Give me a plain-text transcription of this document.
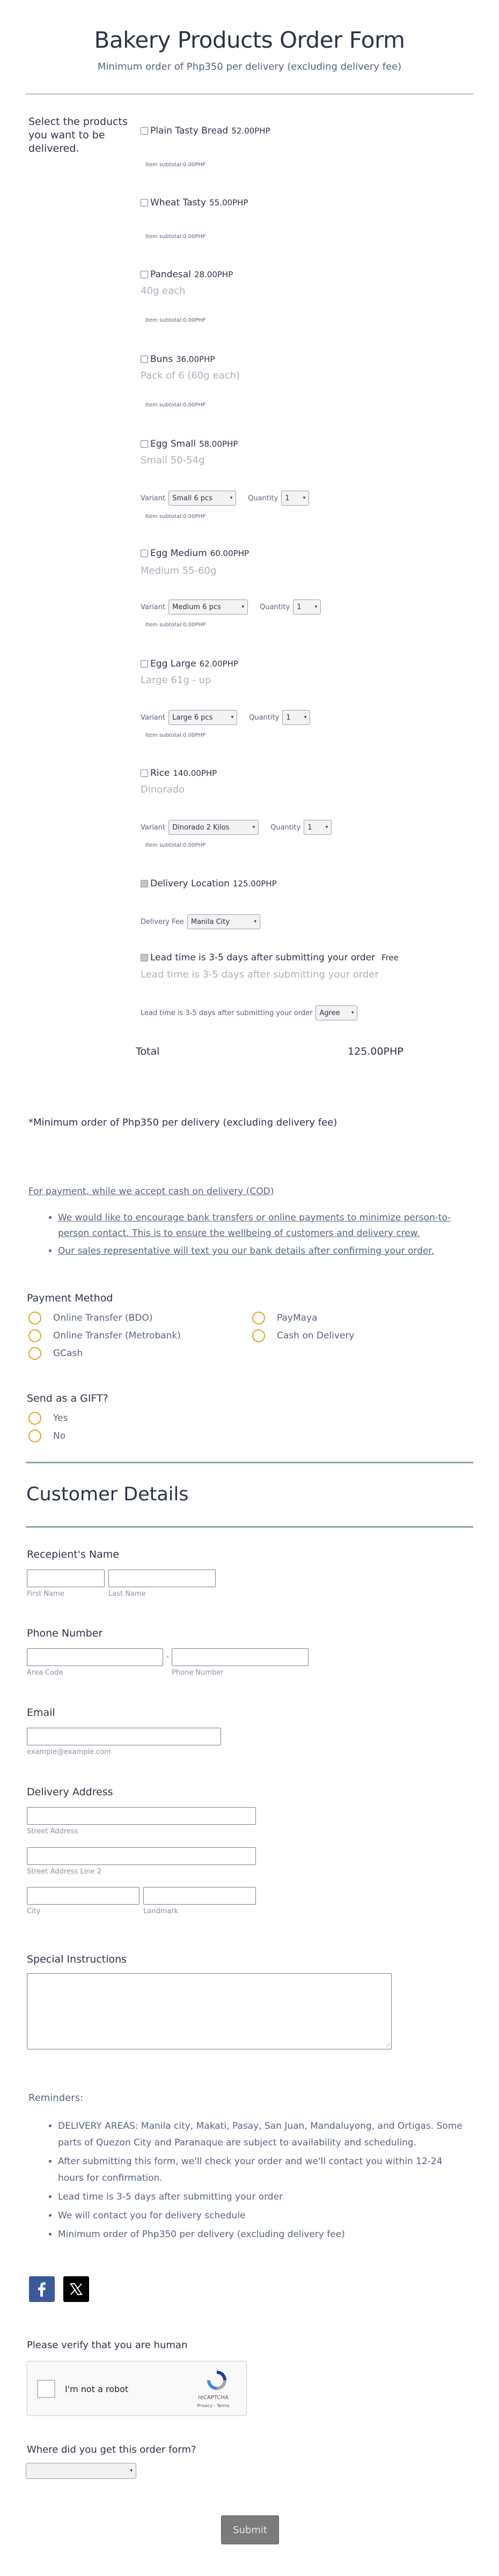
Bakery Products Order Form
Minimum order of Php350 per delivery (excluding delivery fee)
Select the products you want to be delivered.
Plain Tasty Bread 52.00PHP
Item subtotal:0.00PHP
Wheat Tasty 55.00PHP
Item subtotal:0.00PHP
Pandesal 28.00PHP
40g each
Item subtotal:0.00PHP
Buns 36.00PHP
Pack of 6 (60g each)
Item subtotal:0.00PHP
Egg Small 58.00PHP
Small 50-54g
Variant Small 6 pcs	▾ Quantity 1	▾
Item subtotal:0.00PHP
Egg Medium 60.00PHP
Medium 55-60g
Variant Medium 6 pcs	▾ Quantity 1	▾
Item subtotal:0.00PHP
Egg Large 62.00PHP
Large 61g - up
Variant Large 6 pcs	▾ Quantity 1	▾
Item subtotal:0.00PHP
Rice 140.00PHP
Dinorado
Variant Dinorado 2 Kilos	▾ Quantity 1	▾
Item subtotal:0.00PHP
Delivery Location 125.00PHP
Delivery Fee Manila City	▾
Lead time is 3-5 days after submitting your order Free
Lead time is 3-5 days after submitting your order
Lead time is 3-5 days after submitting your order Agree ▾
Total	125.00PHP
*Minimum order of Php350 per delivery (excluding delivery fee)
For payment, while we accept cash on delivery (COD)
• We would like to encourage bank transfers or online payments to minimize person-to-person contact. This is to ensure the wellbeing of customers and delivery crew.
• Our sales representative will text you our bank details after confirming your order.
Payment Method
Online Transfer (BDO)
Online Transfer (Metrobank)
GCash
PayMaya
Cash on Delivery
Send as a GIFT?
Yes
No
Customer Details
Recepient's Name
First Name	Last Name
Phone Number
-
Area Code	Phone Number
Email
example@example.com
Delivery Address
Street Address
Street Address Line 2
City	Landmark
Special Instructions
⟋
Reminders:
• DELIVERY AREAS: Manila city, Makati, Pasay, San Juan, Mandaluyong, and Ortigas. Some parts of Quezon City and Paranaque are subject to availability and scheduling.
• After submitting this form, we'll check your order and we'll contact you within 12-24 hours for confirmation.
• Lead time is 3-5 days after submitting your order
• We will contact you for delivery schedule
• Minimum order of Php350 per delivery (excluding delivery fee)
Please verify that you are human
I'm not a robot
reCAPTCHA
Privacy - Terms
Where did you get this order form?
▾
Submit
